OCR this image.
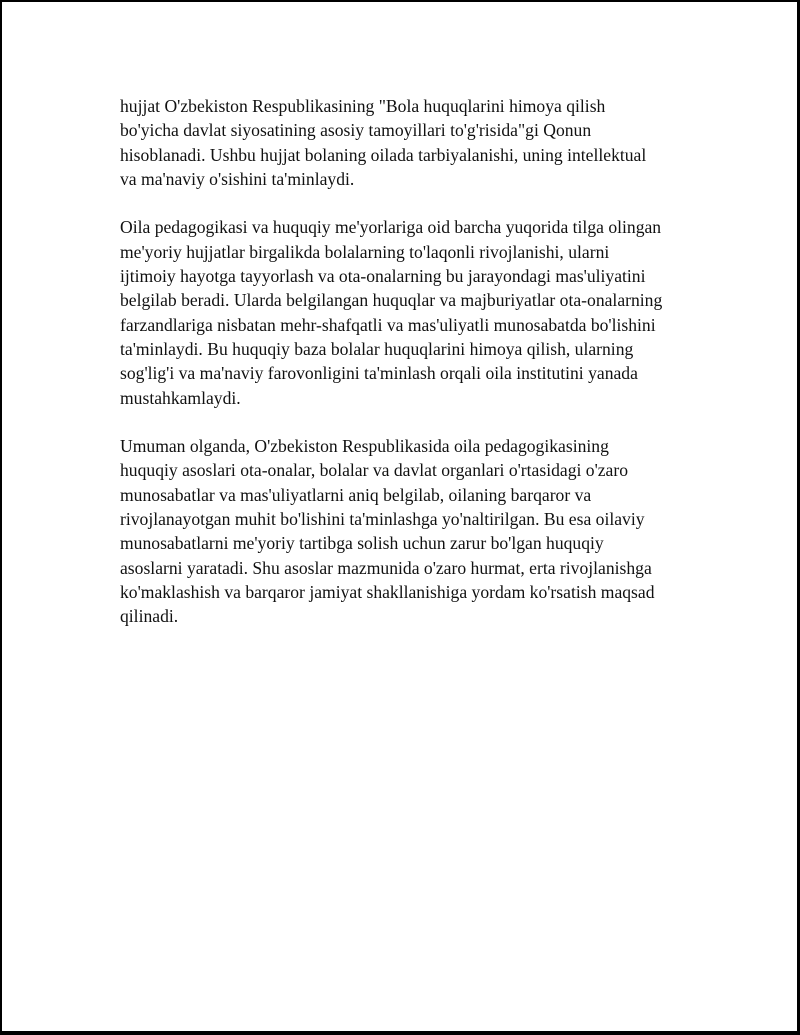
hujjat O'zbekiston Respublikasining "Bola huquqlarini himoya qilish
bo'yicha davlat siyosatining asosiy tamoyillari to'g'risida"gi Qonun
hisoblanadi. Ushbu hujjat bolaning oilada tarbiyalanishi, uning intellektual
va ma'naviy o'sishini ta'minlaydi.

Oila pedagogikasi va huquqiy me'yorlariga oid barcha yuqorida tilga olingan
me'yoriy hujjatlar birgalikda bolalarning to'laqonli rivojlanishi, ularni
ijtimoiy hayotga tayyorlash va ota-onalarning bu jarayondagi mas'uliyatini
belgilab beradi. Ularda belgilangan huquqlar va majburiyatlar ota-onalarning
farzandlariga nisbatan mehr-shafqatli va mas'uliyatli munosabatda bo'lishini
ta'minlaydi. Bu huquqiy baza bolalar huquqlarini himoya qilish, ularning
sog'lig'i va ma'naviy farovonligini ta'minlash orqali oila institutini yanada
mustahkamlaydi.

Umuman olganda, O'zbekiston Respublikasida oila pedagogikasining
huquqiy asoslari ota-onalar, bolalar va davlat organlari o'rtasidagi o'zaro
munosabatlar va mas'uliyatlarni aniq belgilab, oilaning barqaror va
rivojlanayotgan muhit bo'lishini ta'minlashga yo'naltirilgan. Bu esa oilaviy
munosabatlarni me'yoriy tartibga solish uchun zarur bo'lgan huquqiy
asoslarni yaratadi. Shu asoslar mazmunida o'zaro hurmat, erta rivojlanishga
ko'maklashish va barqaror jamiyat shakllanishiga yordam ko'rsatish maqsad
qilinadi.
